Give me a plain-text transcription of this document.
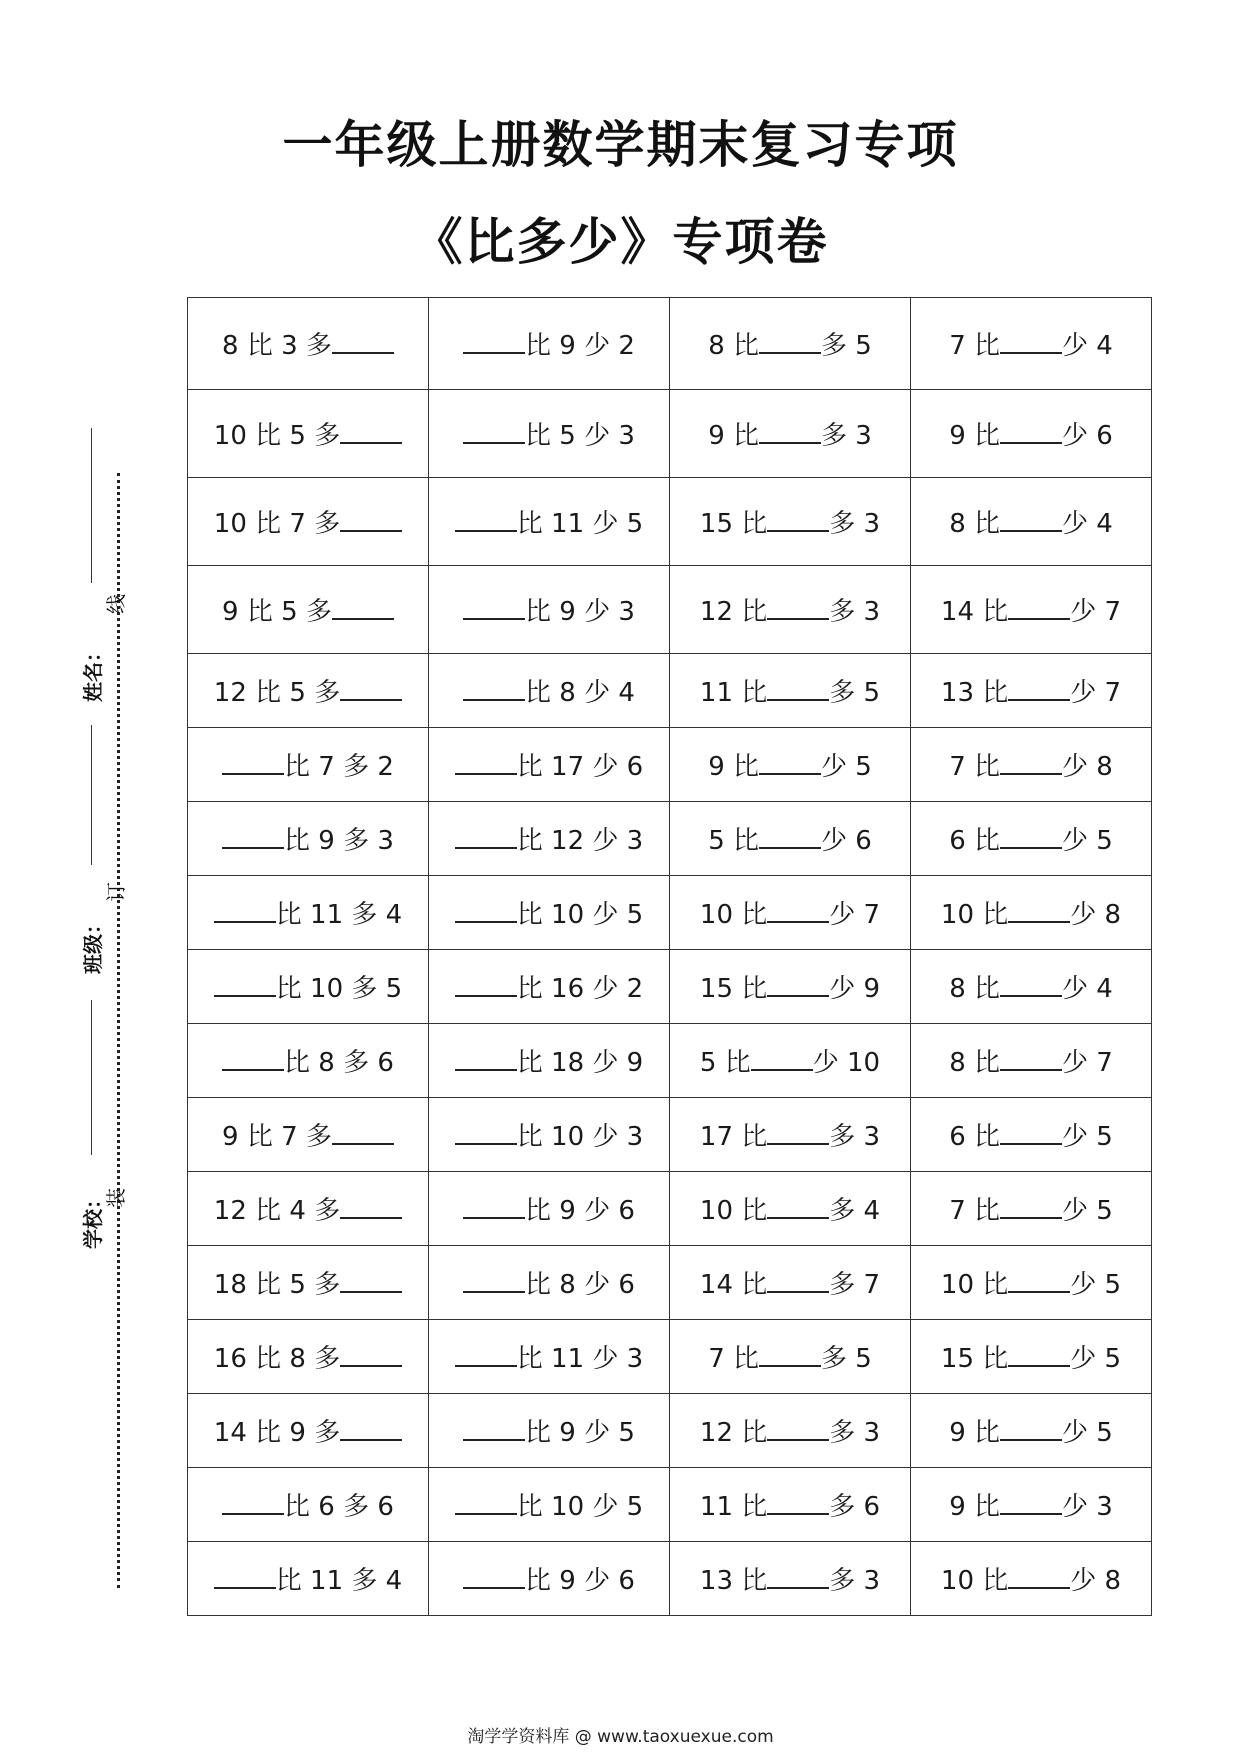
一年级上册数学期末复习专项
《比多少》专项卷
姓名：
班级：
学校： 装
订
线
8 比 3 多	比 9 少 2	8 比 多 5	7 比 少 4
10 比 5 多	比 5 少 3	9 比 多 3	9 比 少 6
10 比 7 多	比 11 少 5	15 比 多 3	8 比 少 4
9 比 5 多	比 9 少 3	12 比 多 3	14 比 少 7
12 比 5 多	比 8 少 4	11 比 多 5	13 比 少 7
比 7 多 2	比 17 少 6	9 比 少 5	7 比 少 8
比 9 多 3	比 12 少 3	5 比 少 6	6 比 少 5
比 11 多 4	比 10 少 5	10 比 少 7	10 比 少 8
比 10 多 5	比 16 少 2	15 比 少 9	8 比 少 4
比 8 多 6	比 18 少 9	5 比 少 10	8 比 少 7
9 比 7 多	比 10 少 3	17 比 多 3	6 比 少 5
12 比 4 多	比 9 少 6	10 比 多 4	7 比 少 5
18 比 5 多	比 8 少 6	14 比 多 7	10 比 少 5
16 比 8 多	比 11 少 3	7 比 多 5	15 比 少 5
14 比 9 多	比 9 少 5	12 比 多 3	9 比 少 5
比 6 多 6	比 10 少 5	11 比 多 6	9 比 少 3
比 11 多 4	比 9 少 6	13 比 多 3	10 比 少 8
淘学学资料库 @ www.taoxuexue.com
